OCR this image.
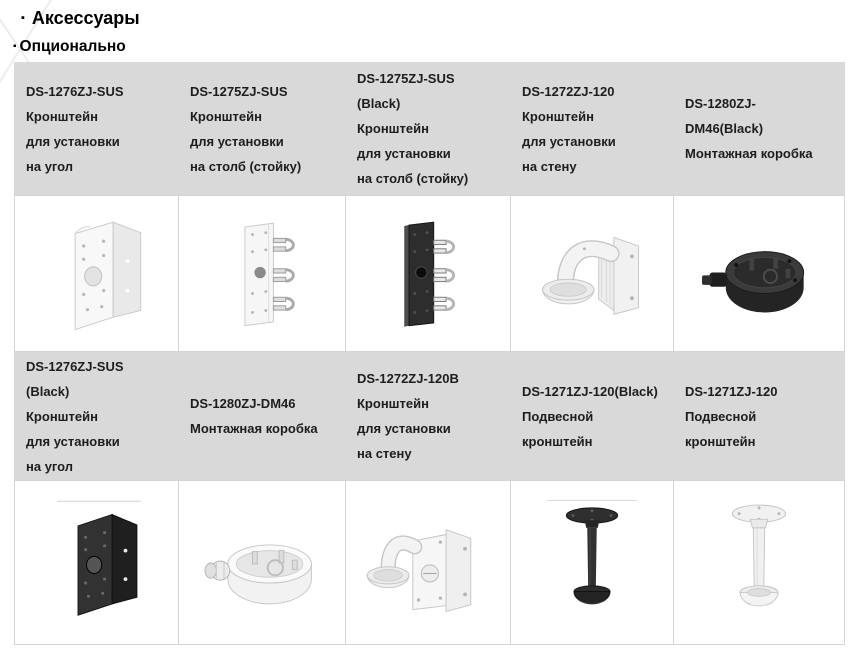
▪ Аксессуары
▪ Опционально
DS-1276ZJ-SUS
Кронштейн
для установки
на угол
DS-1275ZJ-SUS
Кронштейн
для установки
на столб (стойку)
DS-1275ZJ-SUS
(Black)
Кронштейн
для установки
на столб (стойку)
DS-1272ZJ-120
Кронштейн
для установки
на стену
DS-1280ZJ-
DM46(Black)
Монтажная коробка
DS-1276ZJ-SUS
(Black)
Кронштейн
для установки
на угол
DS-1280ZJ-DM46
Монтажная коробка
DS-1272ZJ-120B
Кронштейн
для установки
на стену
DS-1271ZJ-120(Black)
Подвесной
кронштейн
DS-1271ZJ-120
Подвесной
кронштейн
